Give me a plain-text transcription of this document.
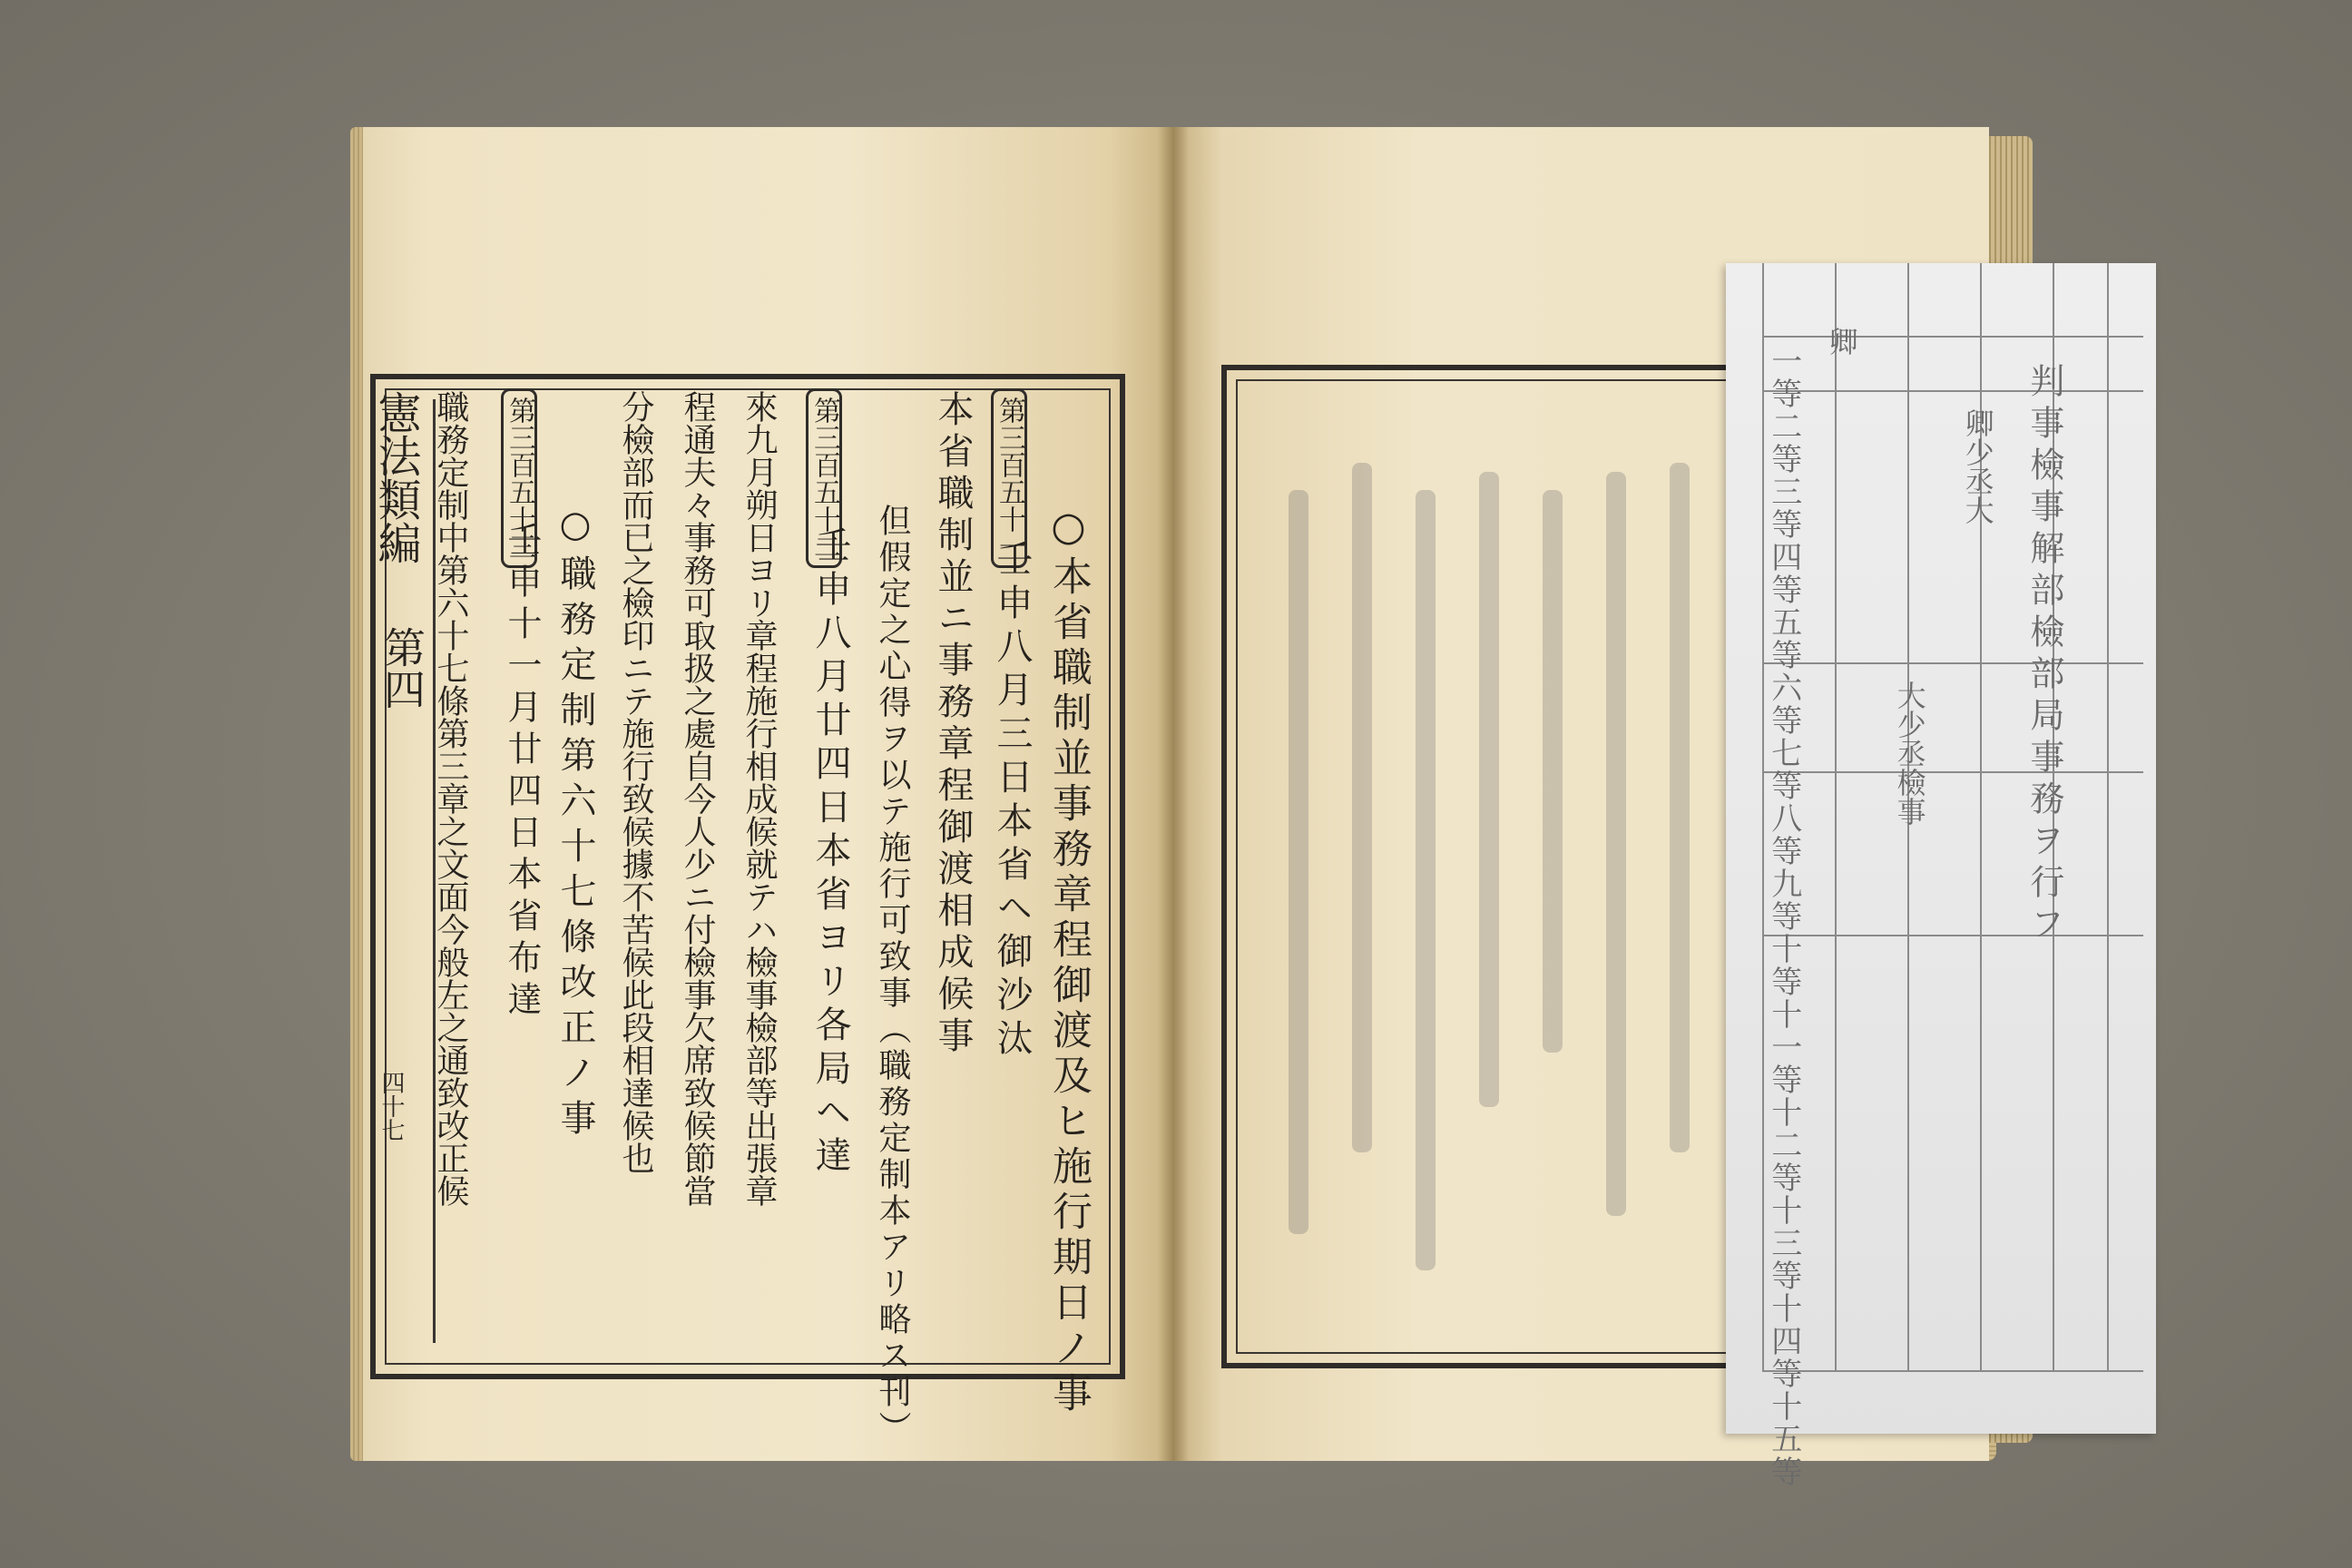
憲法類編
第四
四十七
第三百五十一
第三百五十二
第三百五十三
○本省職制並事務章程御渡及ヒ施行期日ノ事
壬申八月三日本省ヘ御沙汰
本省職制並ニ事務章程御渡相成候事
但假定之心得ヲ以テ施行可致事（職務定制本アリ略ス刊）
壬申八月廿四日本省ヨリ各局ヘ達
來九月朔日ヨリ章程施行相成候就テハ檢事檢部等出張章
程通夫々事務可取扱之處自今人少ニ付檢事欠席致候節當
分檢部而已之檢印ニテ施行致候據不苦候此段相達候也
○職務定制第六十七條改正ノ事
壬申十一月廿四日本省布達
職務定制中第六十七條第三章之文面今般左之通致改正候	判事檢事解部檢部局事務ヲ行フ
卿少丞大
大少丞檢事
卿
一等二等三等四等五等六等七等八等九等十等十一等十二等十三等十四等十五等
